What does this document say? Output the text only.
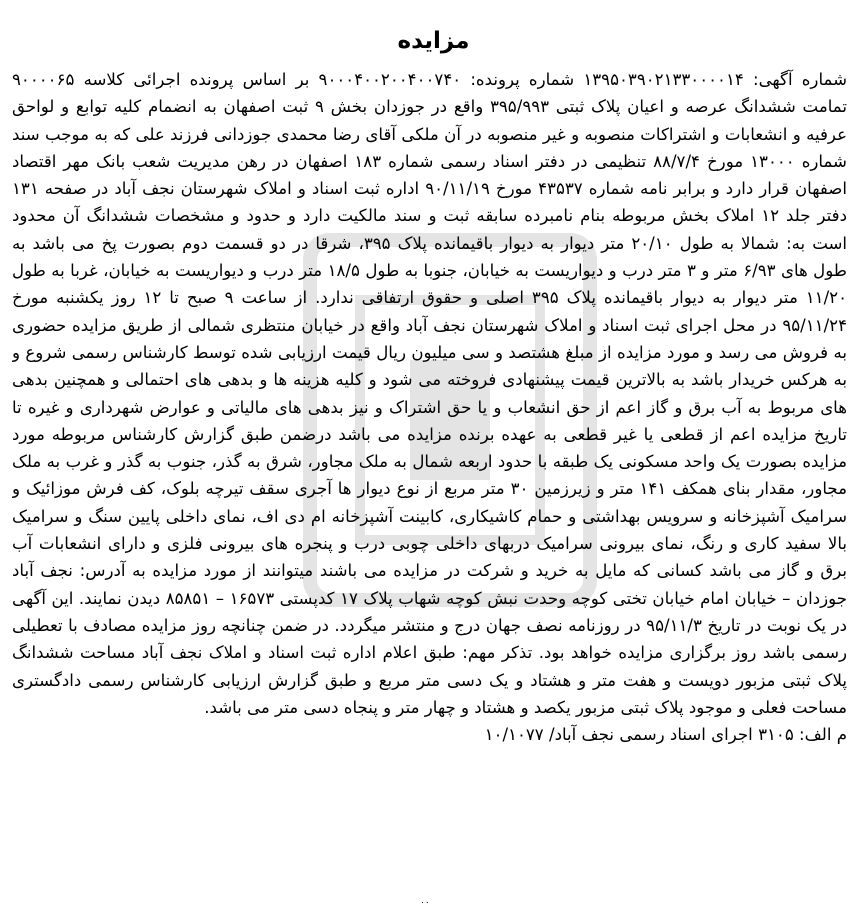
مزایده
شماره آگهی: ۱۳۹۵۰۳۹۰۲۱۳۳۰۰۰۰۱۴ شماره پرونده: ۹۰۰۰۴۰۰۲۰۰۴۰۰۷۴۰ بر اساس پرونده اجرائی کلاسه ۹۰۰۰۰۶۵ تمامت ششدانگ عرصه و اعیان پلاک ثبتی ۳۹۵/۹۹۳ واقع در جوزدان بخش ۹ ثبت اصفهان به انضمام کلیه توابع و لواحق عرفیه و انشعابات و اشتراکات منصوبه و غیر منصوبه در آن ملکی آقای رضا محمدی جوزدانی فرزند علی که به موجب سند شماره ۱۳۰۰۰ مورخ ۸۸/۷/۴ تنظیمی در دفتر اسناد رسمی شماره ۱۸۳ اصفهان در رهن مدیریت شعب بانک مهر اقتصاد اصفهان قرار دارد و برابر نامه شماره ۴۳۵۳۷ مورخ ۹۰/۱۱/۱۹ اداره ثبت اسناد و املاک شهرستان نجف آباد در صفحه ۱۳۱ دفتر جلد ۱۲ املاک بخش مربوطه بنام نامبرده سابقه ثبت و سند مالکیت دارد و حدود و مشخصات ششدانگ آن محدود است به: شمالا به طول ۲۰/۱۰ متر دیوار به دیوار باقیمانده پلاک ۳۹۵، شرقا در دو قسمت دوم بصورت پخ می باشد به طول های ۶/۹۳ متر و ۳ متر درب و دیواریست به خیابان، جنوبا به طول ۱۸/۵ متر درب و دیواریست به خیابان، غربا به طول ۱۱/۲۰ متر دیوار به دیوار باقیمانده پلاک ۳۹۵ اصلی و حقوق ارتفاقی ندارد. از ساعت ۹ صبح تا ۱۲ روز یکشنبه مورخ ۹۵/۱۱/۲۴ در محل اجرای ثبت اسناد و املاک شهرستان نجف آباد واقع در خیابان منتظری شمالی از طریق مزایده حضوری به فروش می رسد و مورد مزایده از مبلغ هشتصد و سی میلیون ریال قیمت ارزیابی شده توسط کارشناس رسمی شروع و به هرکس خریدار باشد به بالاترین قیمت پیشنهادی فروخته می شود و کلیه هزینه ها و بدهی های احتمالی و همچنین بدهی های مربوط به آب برق و گاز اعم از حق انشعاب و یا حق اشتراک و نیز بدهی های مالیاتی و عوارض شهرداری و غیره تا تاریخ مزایده اعم از قطعی یا غیر قطعی به عهده برنده مزایده می باشد درضمن طبق گزارش کارشناس مربوطه مورد مزایده بصورت یک واحد مسکونی یک طبقه با حدود اربعه شمال به ملک مجاور، شرق به گذر، جنوب به گذر و غرب به ملک مجاور، مقدار بنای همکف ۱۴۱ متر و زیرزمین ۳۰ متر مربع از نوع دیوار ها آجری سقف تیرچه بلوک، کف فرش موزائیک و سرامیک آشپزخانه و سرویس بهداشتی و حمام کاشیکاری، کابینت آشپزخانه ام دی اف، نمای داخلی پایین سنگ و سرامیک بالا سفید کاری و رنگ، نمای بیرونی سرامیک دربهای داخلی چوبی درب و پنجره های بیرونی فلزی و دارای انشعابات آب برق و گاز می باشد کسانی که مایل به خرید و شرکت در مزایده می باشند میتوانند از مورد مزایده به آدرس: نجف آباد جوزدان – خیابان امام خیابان تختی کوچه وحدت نبش کوچه شهاب پلاک ۱۷ کدپستی ۱۶۵۷۳ – ۸۵۸۵۱ دیدن نمایند. این آگهی در یک نوبت در تاریخ ۹۵/۱۱/۳ در روزنامه نصف جهان درج و منتشر میگردد. در ضمن چنانچه روز مزایده مصادف با تعطیلی رسمی باشد روز برگزاری مزایده خواهد بود. تذکر مهم: طبق اعلام اداره ثبت اسناد و املاک نجف آباد مساحت ششدانگ پلاک ثبتی مزبور دویست و هفت متر و هشتاد و یک دسی متر مربع و طبق گزارش ارزیابی کارشناس رسمی دادگستری مساحت فعلی و موجود پلاک ثبتی مزبور یکصد و هشتاد و چهار متر و پنجاه دسی متر می باشد.
م الف: ۳۱۰۵ اجرای اسناد رسمی نجف آباد/ ۱۰/۱۰۷۷
۰۰
